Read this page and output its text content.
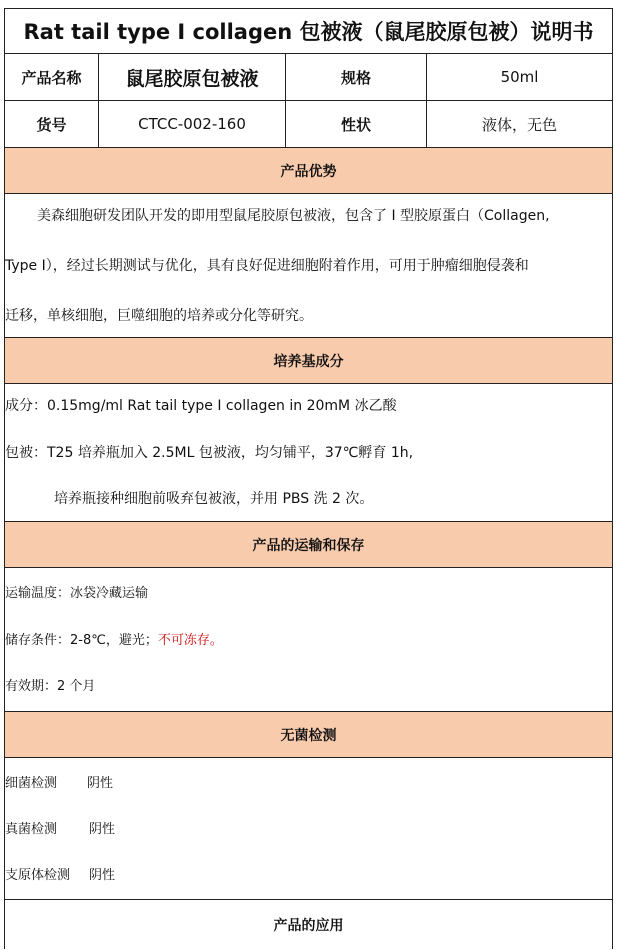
Rat tail type I collagen 包被液（鼠尾胶原包被）说明书
产品名称	鼠尾胶原包被液	规格	50ml
货号	CTCC-002-160	性状	液体，无色
产品优势
美森细胞研发团队开发的即用型鼠尾胶原包被液，包含了 I 型胶原蛋白（Collagen,
Type I），经过长期测试与优化，具有良好促进细胞附着作用，可用于肿瘤细胞侵袭和
迁移，单核细胞，巨噬细胞的培养或分化等研究。
培养基成分
成分：0.15mg/ml Rat tail type I collagen in 20mM 冰乙酸
包被：T25 培养瓶加入 2.5ML 包被液，均匀铺平，37℃孵育 1h,
培养瓶接种细胞前吸弃包被液，并用 PBS 洗 2 次。
产品的运输和保存
运输温度：冰袋冷藏运输
储存条件：2-8℃，避光；不可冻存。
有效期：2 个月
无菌检测
细菌检测 阴性
真菌检测 阴性
支原体检测 阴性
产品的应用
